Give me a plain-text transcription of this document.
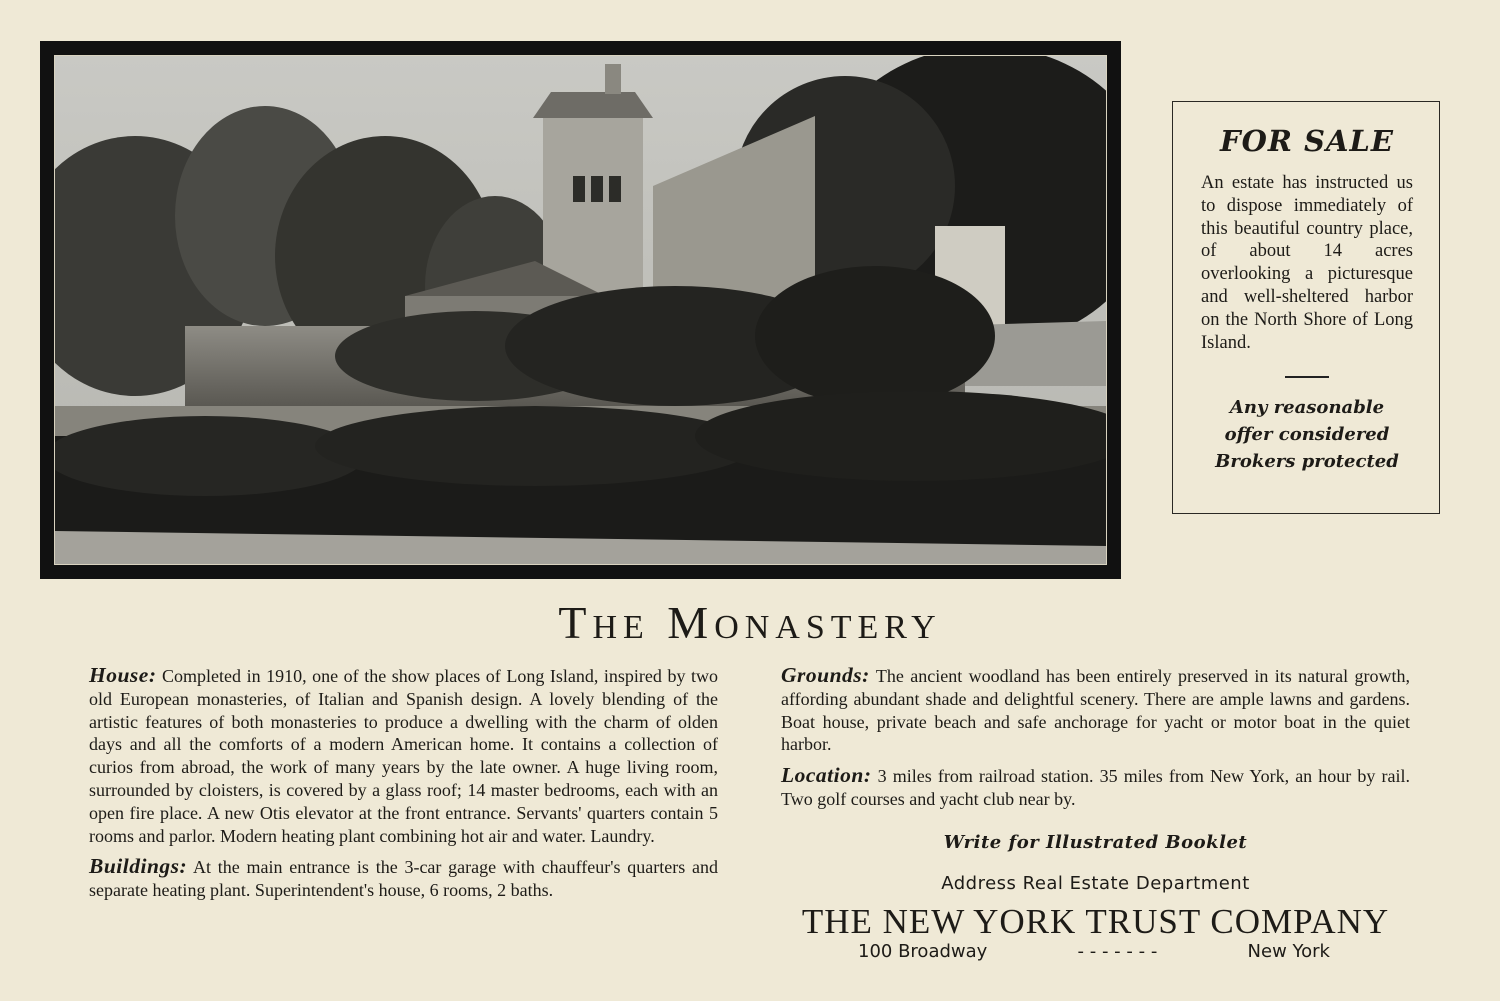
FOR SALE

An estate has instructed us to dispose immediately of this beautiful country place, of about 14 acres overlooking a picturesque and well-sheltered harbor on the North Shore of Long Island.

Any reasonable
offer considered
Brokers protected

THE MONASTERY

House: Completed in 1910, one of the show places of Long Island, inspired by two old European monasteries, of Italian and Spanish design. A lovely blending of the artistic features of both monasteries to produce a dwelling with the charm of olden days and all the comforts of a modern American home. It contains a collection of curios from abroad, the work of many years by the late owner. A huge living room, surrounded by cloisters, is covered by a glass roof; 14 master bedrooms, each with an open fire place. A new Otis elevator at the front entrance. Servants' quarters contain 5 rooms and parlor. Modern heating plant combining hot air and water. Laundry.

Buildings: At the main entrance is the 3-car garage with chauffeur's quarters and separate heating plant. Superintendent's house, 6 rooms, 2 baths.

Grounds: The ancient woodland has been entirely preserved in its natural growth, affording abundant shade and delightful scenery. There are ample lawns and gardens. Boat house, private beach and safe anchorage for yacht or motor boat in the quiet harbor.

Location: 3 miles from railroad station. 35 miles from New York, an hour by rail. Two golf courses and yacht club near by.

Write for Illustrated Booklet
Address Real Estate Department
THE NEW YORK TRUST COMPANY
100 Broadway	- - - - - - -	New York
